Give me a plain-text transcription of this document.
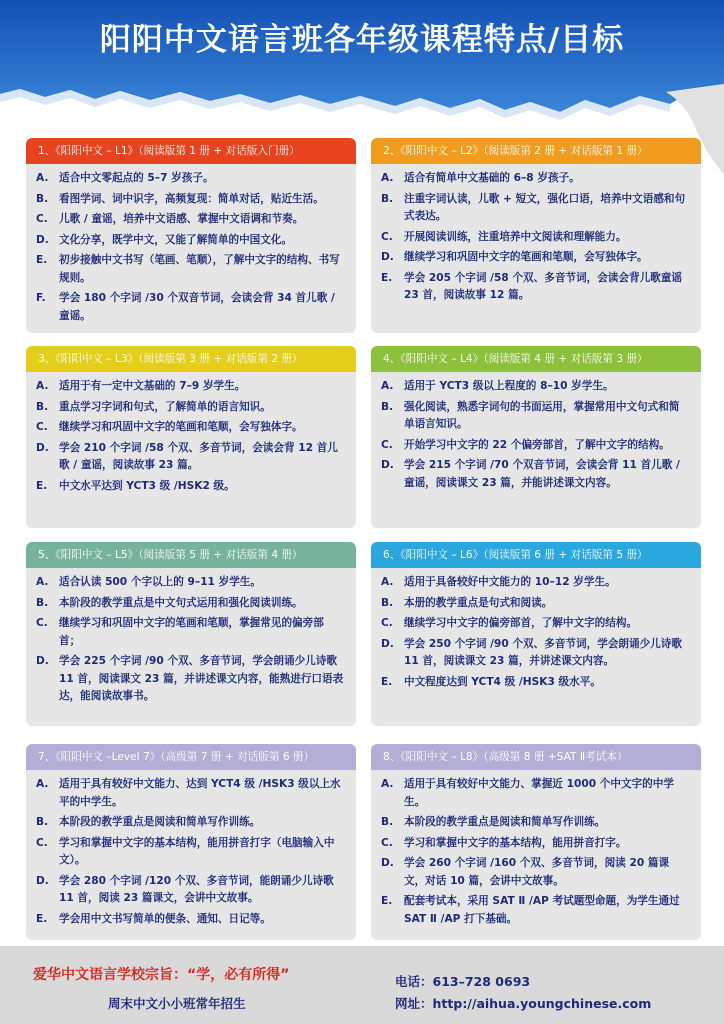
阳阳中文语言班各年级课程特点/目标
1、《阳阳中文 – L1》（阅读版第 1 册 + 对话版入门册）
A. 适合中文零起点的 5–7 岁孩子。
B.	看图学词、词中识字，高频复现：简单对话，贴近生活。
C.	儿歌 / 童谣，培养中文语感、掌握中文语调和节奏。
D. 文化分享，既学中文，又能了解简单的中国文化。
E.	初步接触中文书写（笔画、笔顺），了解中文字的结构、书写规则。
F.	学会 180 个字词 /30 个双音节词，会读会背 34 首儿歌 / 童谣。
2、《阳阳中文 – L2》（阅读版第 2 册 + 对话版第 1 册）
A. 适合有简单中文基础的 6–8 岁孩子。
B.	注重字词认读，儿歌 + 短文，强化口语，培养中文语感和句式表达。
C.	开展阅读训练，注重培养中文阅读和理解能力。
D. 继续学习和巩固中文字的笔画和笔顺，会写独体字。
E.	学会 205 个字词 /58 个双、多音节词，会读会背儿歌童谣 23 首，阅读故事 12 篇。
3、《阳阳中文 – L3》（阅读版第 3 册 + 对话版第 2 册）
A. 适用于有一定中文基础的 7–9 岁学生。
B.	重点学习字词和句式，了解简单的语言知识。
C.	继续学习和巩固中文字的笔画和笔顺，会写独体字。
D. 学会 210 个字词 /58 个双、多音节词，会读会背 12 首儿歌 / 童谣，阅读故事 23 篇。
E.	中文水平达到 YCT3 级 /HSK2 级。
4、《阳阳中文 – L4》（阅读版第 4 册 + 对话版第 3 册）
A. 适用于 YCT3 级以上程度的 8–10 岁学生。
B.	强化阅读，熟悉字词句的书面运用，掌握常用中文句式和简单语言知识。
C.	开始学习中文字的 22 个偏旁部首，了解中文字的结构。
D. 学会 215 个字词 /70 个双音节词，会读会背 11 首儿歌 / 童谣，阅读课文 23 篇，并能讲述课文内容。
5、《阳阳中文 – L5》（阅读版第 5 册 + 对话版第 4 册）
A. 适合认读 500 个字以上的 9–11 岁学生。
B.	本阶段的教学重点是中文句式运用和强化阅读训练。
C.	继续学习和巩固中文字的笔画和笔顺，掌握常见的偏旁部首；
D. 学会 225 个字词 /90 个双、多音节词，学会朗诵少儿诗歌 11 首，阅读课文 23 篇，并讲述课文内容，能熟进行口语表达，能阅读故事书。
6、《阳阳中文 – L6》（阅读版第 6 册 + 对话版第 5 册）
A. 适用于具备较好中文能力的 10–12 岁学生。
B.	本册的教学重点是句式和阅读。
C.	继续学习中文字的偏旁部首，了解中文字的结构。
D. 学会 250 个字词 /90 个双、多音节词，学会朗诵少儿诗歌 11 首，阅读课文 23 篇，并讲述课文内容。
E.	中文程度达到 YCT4 级 /HSK3 级水平。
7、《阳阳中文 –Level 7》（高级第 7 册 + 对话版第 6 册）
A. 适用于具有较好中文能力、达到 YCT4 级 /HSK3 级以上水平的中学生。
B.	本阶段的教学重点是阅读和简单写作训练。
C.	学习和掌握中文字的基本结构，能用拼音打字（电脑输入中文）。
D. 学会 280 个字词 /120 个双、多音节词，能朗诵少儿诗歌 11 首，阅读 23 篇课文，会讲中文故事。
E.	学会用中文书写简单的便条、通知、日记等。
8、《阳阳中文 – L8》（高级第 8 册 +SAT Ⅱ考试本）
A. 适用于具有较好中文能力、掌握近 1000 个中文字的中学生。
B.	本阶段的教学重点是阅读和简单写作训练。
C.	学习和掌握中文字的基本结构，能用拼音打字。
D. 学会 260 个字词 /160 个双、多音节词，阅读 20 篇课文，对话 10 篇，会讲中文故事。
E.	配套考试本，采用 SAT Ⅱ /AP 考试题型命题，为学生通过 SAT Ⅱ /AP 打下基础。
爱华中文语言学校宗旨：“学，必有所得”
周末中文小小班常年招生
电话：613–728 0693
网址：http://aihua.youngchinese.com
